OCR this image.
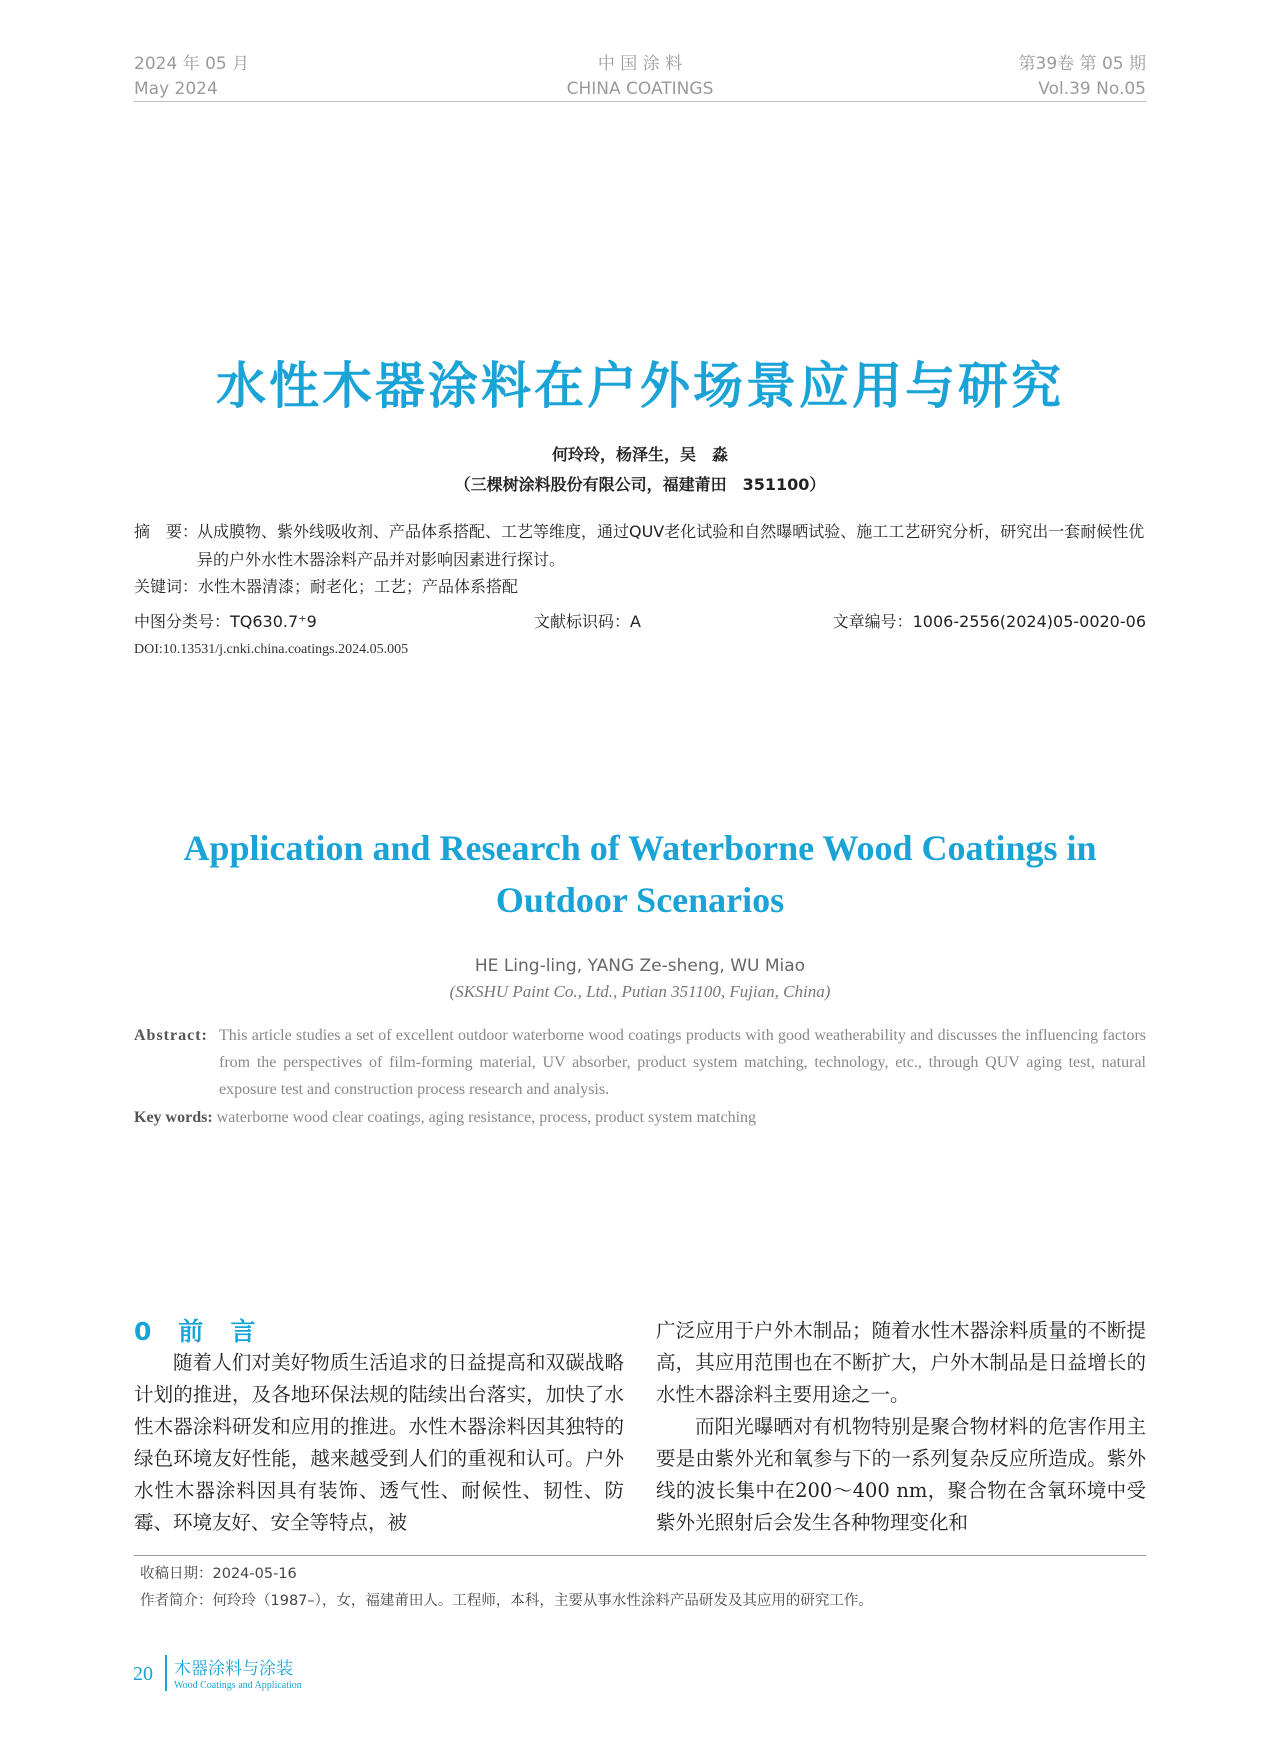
2024 年 05 月
May 2024
中 国 涂 料
CHINA COATINGS
第39卷 第 05 期
Vol.39 No.05
水性木器涂料在户外场景应用与研究
何玲玲，杨泽生，吴　淼
（三棵树涂料股份有限公司，福建莆田　351100）
摘　要：
从成膜物、紫外线吸收剂、产品体系搭配、工艺等维度，通过QUV老化试验和自然曝晒试验、施工工艺研究分析，研究出一套耐候性优异的户外水性木器涂料产品并对影响因素进行探讨。
关键词：水性木器清漆；耐老化；工艺；产品体系搭配
中图分类号：TQ630.7⁺9	文献标识码：A	文章编号：1006-2556(2024)05-0020-06
DOI:10.13531/j.cnki.china.coatings.2024.05.005
Application and Research of Waterborne Wood Coatings in
Outdoor Scenarios
HE Ling-ling, YANG Ze-sheng, WU Miao
(SKSHU Paint Co., Ltd., Putian 351100, Fujian, China)
Abstract: This article studies a set of excellent outdoor waterborne wood coatings products with good weatherability and discusses the influencing factors from the perspectives of film-forming material, UV absorber, product system matching, technology, etc., through QUV aging test, natural exposure test and construction process research and analysis.
Key words: waterborne wood clear coatings, aging resistance, process, product system matching
0 前　言

随着人们对美好物质生活追求的日益提高和双碳战略计划的推进，及各地环保法规的陆续出台落实，加快了水性木器涂料研发和应用的推进。水性木器涂料因其独特的绿色环境友好性能，越来越受到人们的重视和认可。户外水性木器涂料因具有装饰、透气性、耐候性、韧性、防霉、环境友好、安全等特点，被

广泛应用于户外木制品；随着水性木器涂料质量的不断提高，其应用范围也在不断扩大，户外木制品是日益增长的水性木器涂料主要用途之一。

而阳光曝晒对有机物特别是聚合物材料的危害作用主要是由紫外光和氧参与下的一系列复杂反应所造成。紫外线的波长集中在200～400 nm，聚合物在含氧环境中受紫外光照射后会发生各种物理变化和

收稿日期：2024-05-16
作者简介：何玲玲（1987–），女，福建莆田人。工程师，本科，主要从事水性涂料产品研发及其应用的研究工作。
20 木器涂料与涂装
Wood Coatings and Application
